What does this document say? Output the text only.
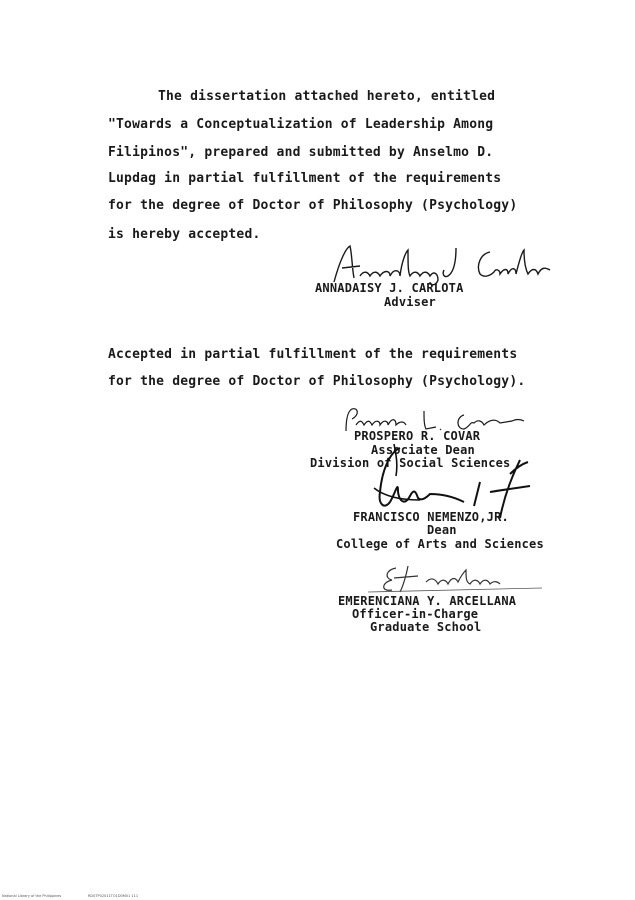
The dissertation attached hereto, entitled
"Towards a Conceptualization of Leadership Among
Filipinos", prepared and submitted by Anselmo D.
Lupdag in partial fulfillment of the requirements
for the degree of Doctor of Philosophy (Psychology)
is hereby accepted.
ANNADAISY J. CARLOTA
Adviser
Accepted in partial fulfillment of the requirements
for the degree of Doctor of Philosophy (Psychology).
PROSPERO R. COVAR
Associate Dean
Division of Social Sciences
FRANCISCO NEMENZO,JR.
Dean
College of Arts and Sciences
EMERENCIANA Y. ARCELLANA
Officer-in-Charge
Graduate School
National Library of the Philippines	RD0TP02011TO1D0M01 111
